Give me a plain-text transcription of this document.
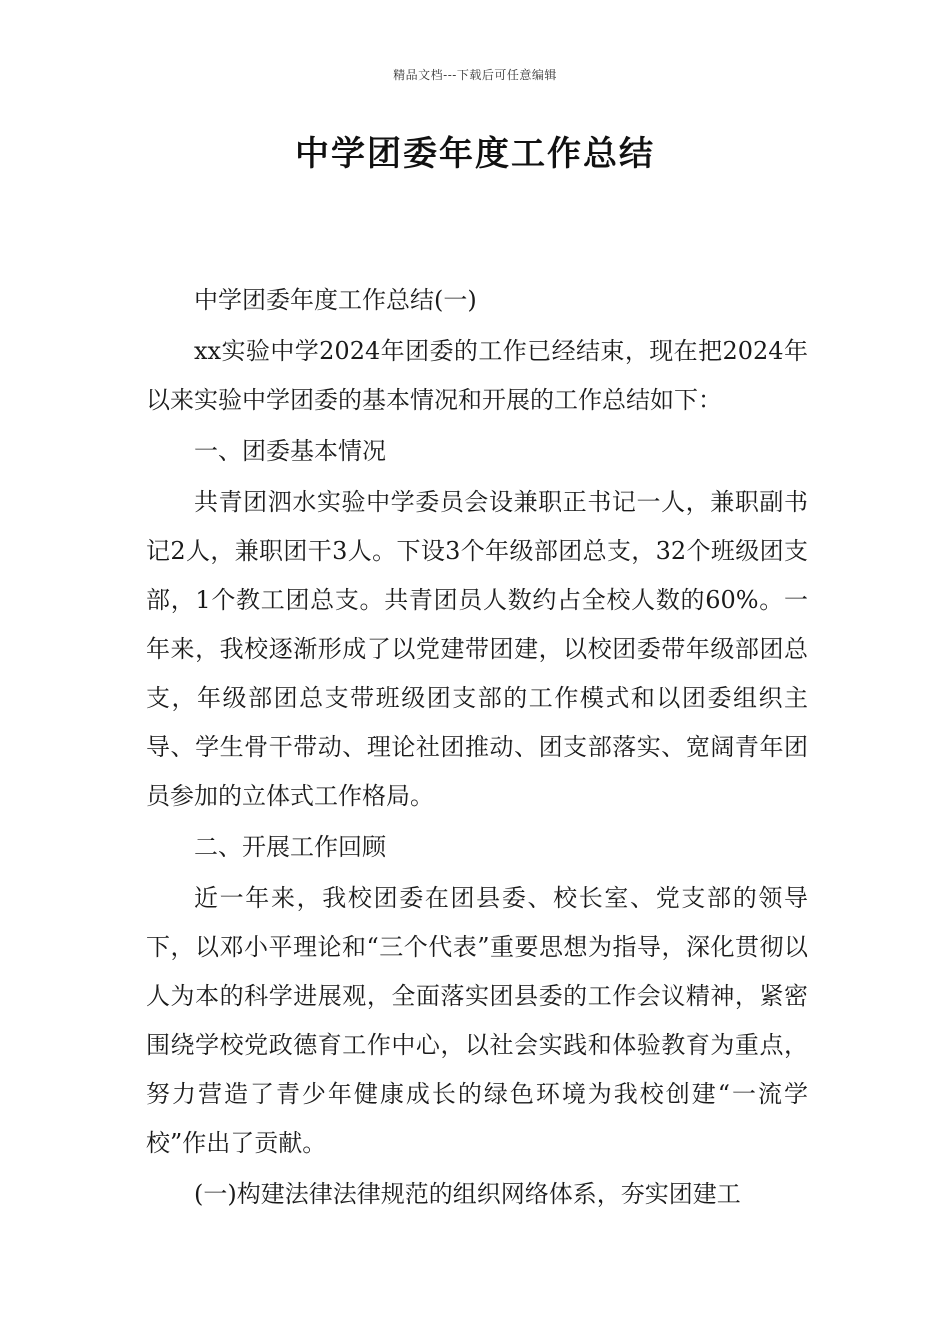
精品文档---下载后可任意编辑
中学团委年度工作总结

中学团委年度工作总结(一)

xx实验中学2024年团委的工作已经结束，现在把2024年以来实验中学团委的基本情况和开展的工作总结如下：

一、团委基本情况

共青团泗水实验中学委员会设兼职正书记一人，兼职副书记2人，兼职团干3人。下设3个年级部团总支，32个班级团支部，1个教工团总支。共青团员人数约占全校人数的60%。一年来，我校逐渐形成了以党建带团建，以校团委带年级部团总支，年级部团总支带班级团支部的工作模式和以团委组织主导、学生骨干带动、理论社团推动、团支部落实、宽阔青年团员参加的立体式工作格局。

二、开展工作回顾

近一年来，我校团委在团县委、校长室、党支部的领导下，以邓小平理论和“三个代表”重要思想为指导，深化贯彻以人为本的科学进展观，全面落实团县委的工作会议精神，紧密围绕学校党政德育工作中心，以社会实践和体验教育为重点，努力营造了青少年健康成长的绿色环境为我校创建“一流学校”作出了贡献。

(一)构建法律法律规范的组织网络体系，夯实团建工
